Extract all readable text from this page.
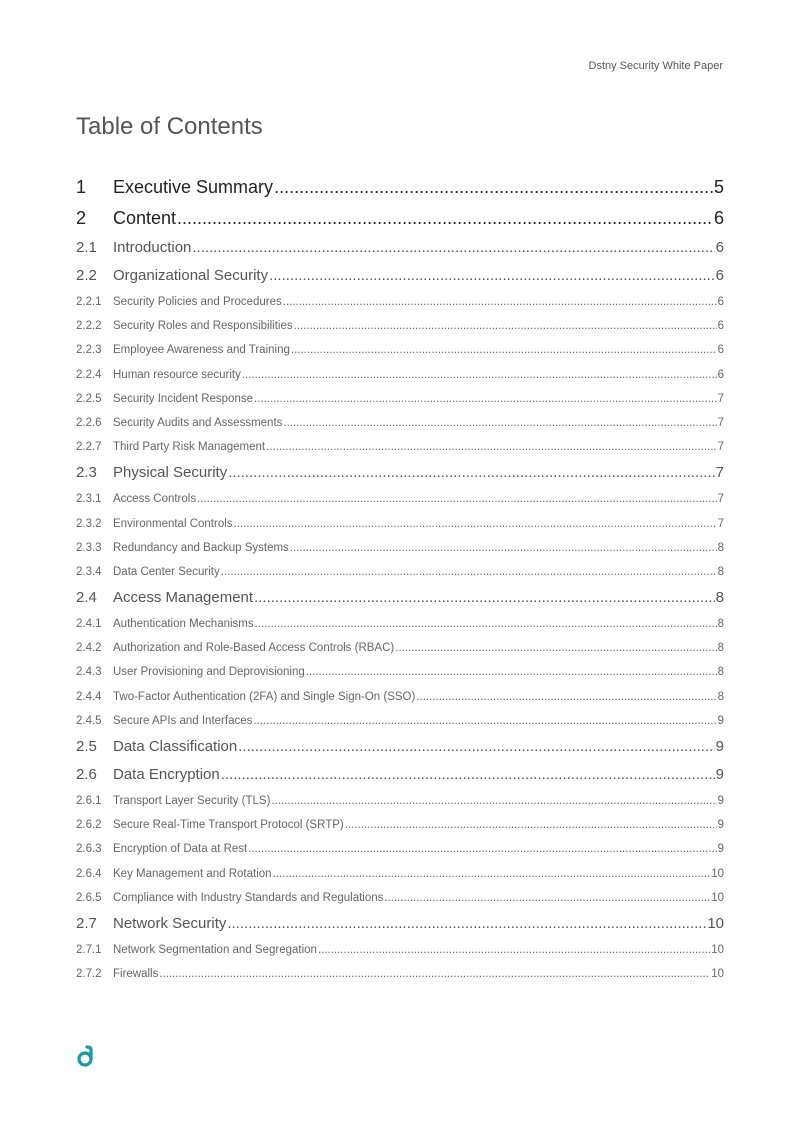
Dstny Security White Paper
Table of Contents
1	Executive Summary .....	5
2	Content .....	6
2.1	Introduction .....	6
2.2	Organizational Security .....	6
2.2.1 Security Policies and Procedures .....	6
2.2.2 Security Roles and Responsibilities .....	6
2.2.3 Employee Awareness and Training .....	6
2.2.4 Human resource security .....	6
2.2.5 Security Incident Response .....	7
2.2.6 Security Audits and Assessments .....	7
2.2.7 Third Party Risk Management .....	7
2.3	Physical Security .....	7
2.3.1 Access Controls .....	7
2.3.2 Environmental Controls .....	7
2.3.3 Redundancy and Backup Systems .....	8
2.3.4 Data Center Security .....	8
2.4	Access Management .....	8
2.4.1 Authentication Mechanisms .....	8
2.4.2 Authorization and Role-Based Access Controls (RBAC) .....	8
2.4.3 User Provisioning and Deprovisioning .....	8
2.4.4 Two-Factor Authentication (2FA) and Single Sign-On (SSO) .....	8
2.4.5 Secure APIs and Interfaces .....	9
2.5	Data Classification .....	9
2.6	Data Encryption .....	9
2.6.1 Transport Layer Security (TLS) .....	9
2.6.2 Secure Real-Time Transport Protocol (SRTP) .....	9
2.6.3 Encryption of Data at Rest .....	9
2.6.4 Key Management and Rotation .....	10
2.6.5 Compliance with Industry Standards and Regulations .....	10
2.7	Network Security .....	10
2.7.1 Network Segmentation and Segregation .....	10
2.7.2 Firewalls .....	10
